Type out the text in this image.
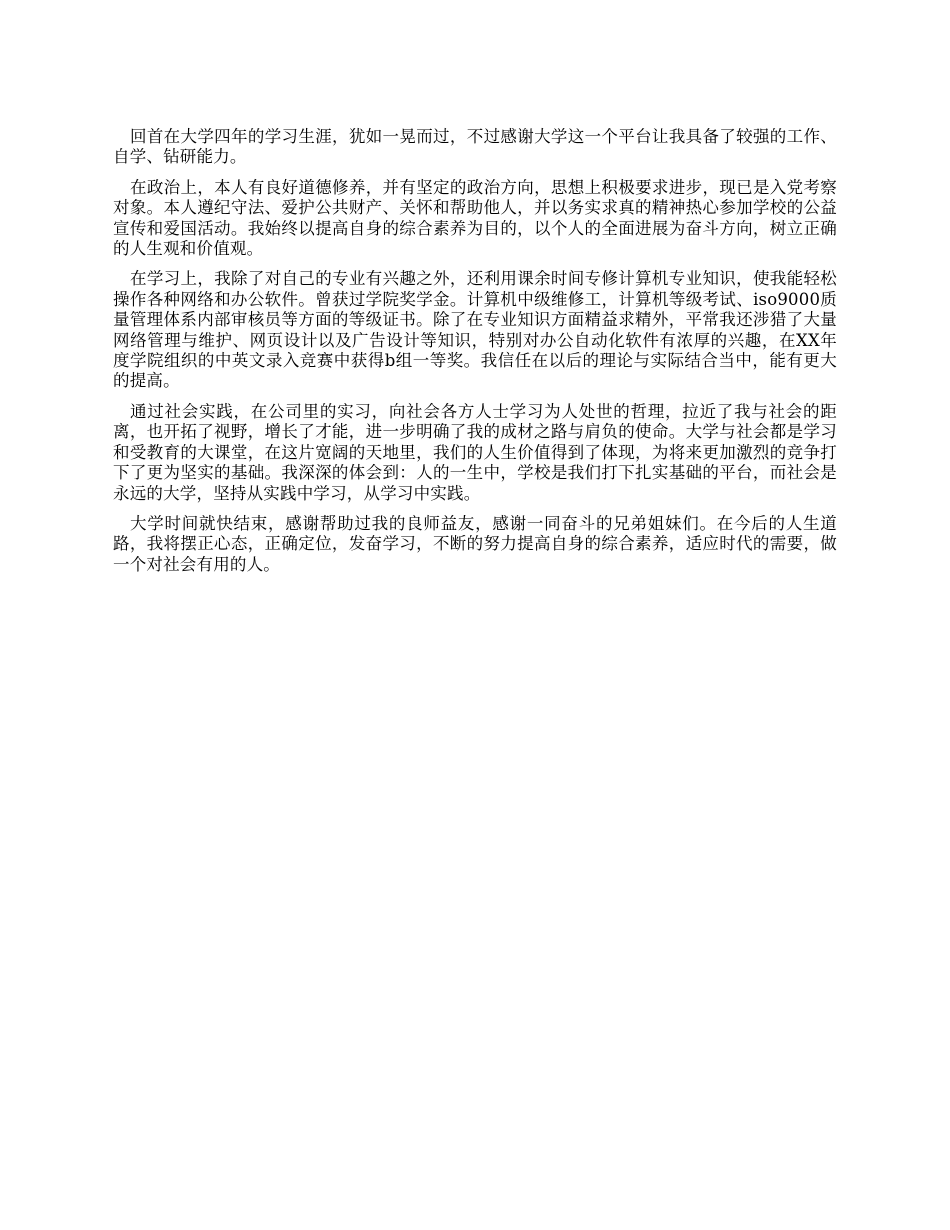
回首在大学四年的学习生涯，犹如一晃而过，不过感谢大学这一个平台让我具备了较强的工作、自学、钻研能力。

在政治上，本人有良好道德修养，并有坚定的政治方向，思想上积极要求进步，现已是入党考察对象。本人遵纪守法、爱护公共财产、关怀和帮助他人，并以务实求真的精神热心参加学校的公益宣传和爱国活动。我始终以提高自身的综合素养为目的，以个人的全面进展为奋斗方向，树立正确的人生观和价值观。

在学习上，我除了对自己的专业有兴趣之外，还利用课余时间专修计算机专业知识，使我能轻松操作各种网络和办公软件。曾获过学院奖学金。计算机中级维修工，计算机等级考试、iso9000质量管理体系内部审核员等方面的等级证书。除了在专业知识方面精益求精外，平常我还涉猎了大量网络管理与维护、网页设计以及广告设计等知识，特别对办公自动化软件有浓厚的兴趣，在XX年度学院组织的中英文录入竞赛中获得b组一等奖。我信任在以后的理论与实际结合当中，能有更大的提高。

通过社会实践，在公司里的实习，向社会各方人士学习为人处世的哲理，拉近了我与社会的距离，也开拓了视野，增长了才能，进一步明确了我的成材之路与肩负的使命。大学与社会都是学习和受教育的大课堂，在这片宽阔的天地里，我们的人生价值得到了体现，为将来更加激烈的竞争打下了更为坚实的基础。我深深的体会到：人的一生中，学校是我们打下扎实基础的平台，而社会是永远的大学，坚持从实践中学习，从学习中实践。

大学时间就快结束，感谢帮助过我的良师益友，感谢一同奋斗的兄弟姐妹们。在今后的人生道路，我将摆正心态，正确定位，发奋学习，不断的努力提高自身的综合素养，适应时代的需要，做一个对社会有用的人。
